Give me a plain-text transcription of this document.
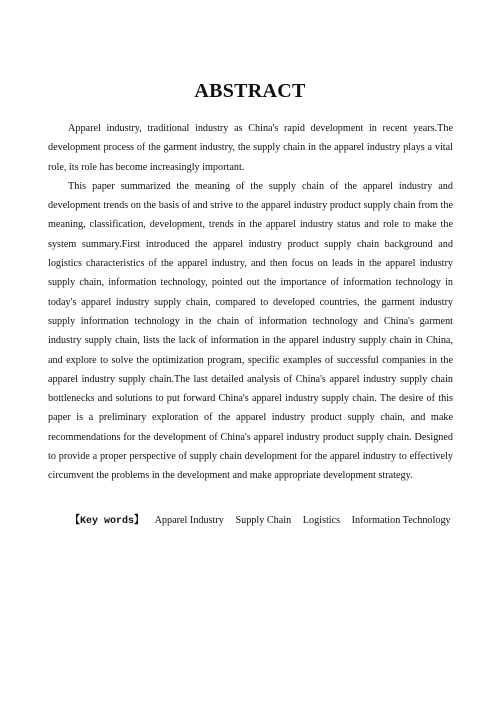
ABSTRACT

Apparel industry, traditional industry as China's rapid development in recent years.The development process of the garment industry, the supply chain in the apparel industry plays a vital role, its role has become increasingly important.

This paper summarized the meaning of the supply chain of the apparel industry and development trends on the basis of and strive to the apparel industry product supply chain from the meaning, classification, development, trends in the apparel industry status and role to make the system summary.First introduced the apparel industry product supply chain background and logistics characteristics of the apparel industry, and then focus on leads in the apparel industry supply chain, information technology, pointed out the importance of information technology in today's apparel industry supply chain, compared to developed countries, the garment industry supply information technology in the chain of information technology and China's garment industry supply chain, lists the lack of information in the apparel industry supply chain in China, and explore to solve the optimization program, specific examples of successful companies in the apparel industry supply chain.The last detailed analysis of China's apparel industry supply chain bottlenecks and solutions to put forward China's apparel industry supply chain. The desire of this paper is a preliminary exploration of the apparel industry product supply chain, and make recommendations for the development of China's apparel industry product supply chain. Designed to provide a proper perspective of supply chain development for the apparel industry to effectively circumvent the problems in the development and make appropriate development strategy.

【Key words】 Apparel Industry Supply Chain Logistics Information Technology
